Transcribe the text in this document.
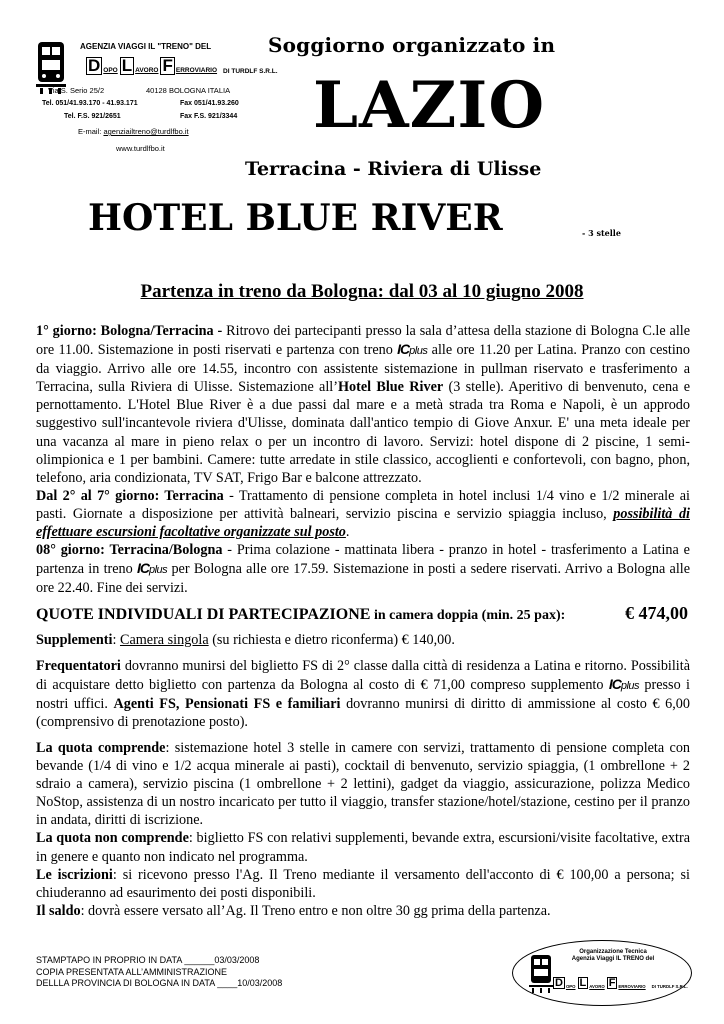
AGENZIA VIAGGI IL "TRENO" DEL
D OPO L AVORO F ERROVIARIO DI TURDLF S.R.L.
Via S. Serio 25/2	40128 BOLOGNA ITALIA
Tel. 051/41.93.170 - 41.93.171	Fax 051/41.93.260
Tel. F.S. 921/2651	Fax F.S. 921/3344
E-mail: agenziailtreno@turdlfbo.it
www.turdlfbo.it
Soggiorno organizzato in
LAZIO
Terracina - Riviera di Ulisse
HOTEL BLUE RIVER	- 3 stelle
Partenza in treno da Bologna: dal 03 al 10 giugno 2008

1° giorno: Bologna/Terracina - Ritrovo dei partecipanti presso la sala d’attesa della stazione di Bologna C.le alle ore 11.00. Sistemazione in posti riservati e partenza con treno ICplus alle ore 11.20 per Latina. Pranzo con cestino da viaggio. Arrivo alle ore 14.55, incontro con assistente sistemazione in pullman riservato e trasferimento a Terracina, sulla Riviera di Ulisse. Sistemazione all’Hotel Blue River (3 stelle). Aperitivo di benvenuto, cena e pernottamento. L'Hotel Blue River è a due passi dal mare e a metà strada tra Roma e Napoli, è un approdo suggestivo sull'incantevole riviera d'Ulisse, dominata dall'antico tempio di Giove Anxur. E' una meta ideale per una vacanza al mare in pieno relax o per un incontro di lavoro. Servizi: hotel dispone di 2 piscine, 1 semi-olimpionica e 1 per bambini. Camere: tutte arredate in stile classico, accoglienti e confortevoli, con bagno, phon, telefono, aria condizionata, TV SAT, Frigo Bar e balcone attrezzato.

Dal 2° al 7° giorno: Terracina - Trattamento di pensione completa in hotel inclusi 1/4 vino e 1/2 minerale ai pasti. Giornate a disposizione per attività balneari, servizio piscina e servizio spiaggia incluso, possibilità di effettuare escursioni facoltative organizzate sul posto.

08° giorno: Terracina/Bologna - Prima colazione - mattinata libera - pranzo in hotel - trasferimento a Latina e partenza in treno ICplus per Bologna alle ore 17.59. Sistemazione in posti a sedere riservati. Arrivo a Bologna alle ore 22.40. Fine dei servizi.

QUOTE INDIVIDUALI DI PARTECIPAZIONE in camera doppia (min. 25 pax):	€ 474,00

Supplementi: Camera singola (su richiesta e dietro riconferma) € 140,00.

Frequentatori dovranno munirsi del biglietto FS di 2° classe dalla città di residenza a Latina e ritorno. Possibilità di acquistare detto biglietto con partenza da Bologna al costo di € 71,00 compreso supplemento ICplus presso i nostri uffici. Agenti FS, Pensionati FS e familiari dovranno munirsi di diritto di ammissione al costo € 6,00 (comprensivo di prenotazione posto).

La quota comprende: sistemazione hotel 3 stelle in camere con servizi, trattamento di pensione completa con bevande (1/4 di vino e 1/2 acqua minerale ai pasti), cocktail di benvenuto, servizio spiaggia, (1 ombrellone + 2 sdraio a camera), servizio piscina (1 ombrellone + 2 lettini), gadget da viaggio, assicurazione, polizza Medico NoStop, assistenza di un nostro incaricato per tutto il viaggio, transfer stazione/hotel/stazione, cestino per il pranzo in andata, diritti di iscrizione.

La quota non comprende: biglietto FS con relativi supplementi, bevande extra, escursioni/visite facoltative, extra in genere e quanto non indicato nel programma.

Le iscrizioni: si ricevono presso l'Ag. Il Treno mediante il versamento dell'acconto di € 100,00 a persona; si chiuderanno ad esaurimento dei posti disponibili.

Il saldo: dovrà essere versato all’Ag. Il Treno entro e non oltre 30 gg prima della partenza.

STAMPTAPO IN PROPRIO IN DATA ______03/03/2008
COPIA PRESENTATA ALL’AMMINISTRAZIONE
DELLLA PROVINCIA DI BOLOGNA IN DATA ____10/03/2008
Organizzazione Tecnica
Agenzia Viaggi IL TRENO del
D OPO L AVORO F ERROVIARIO DI TURDLF S.R.L.
